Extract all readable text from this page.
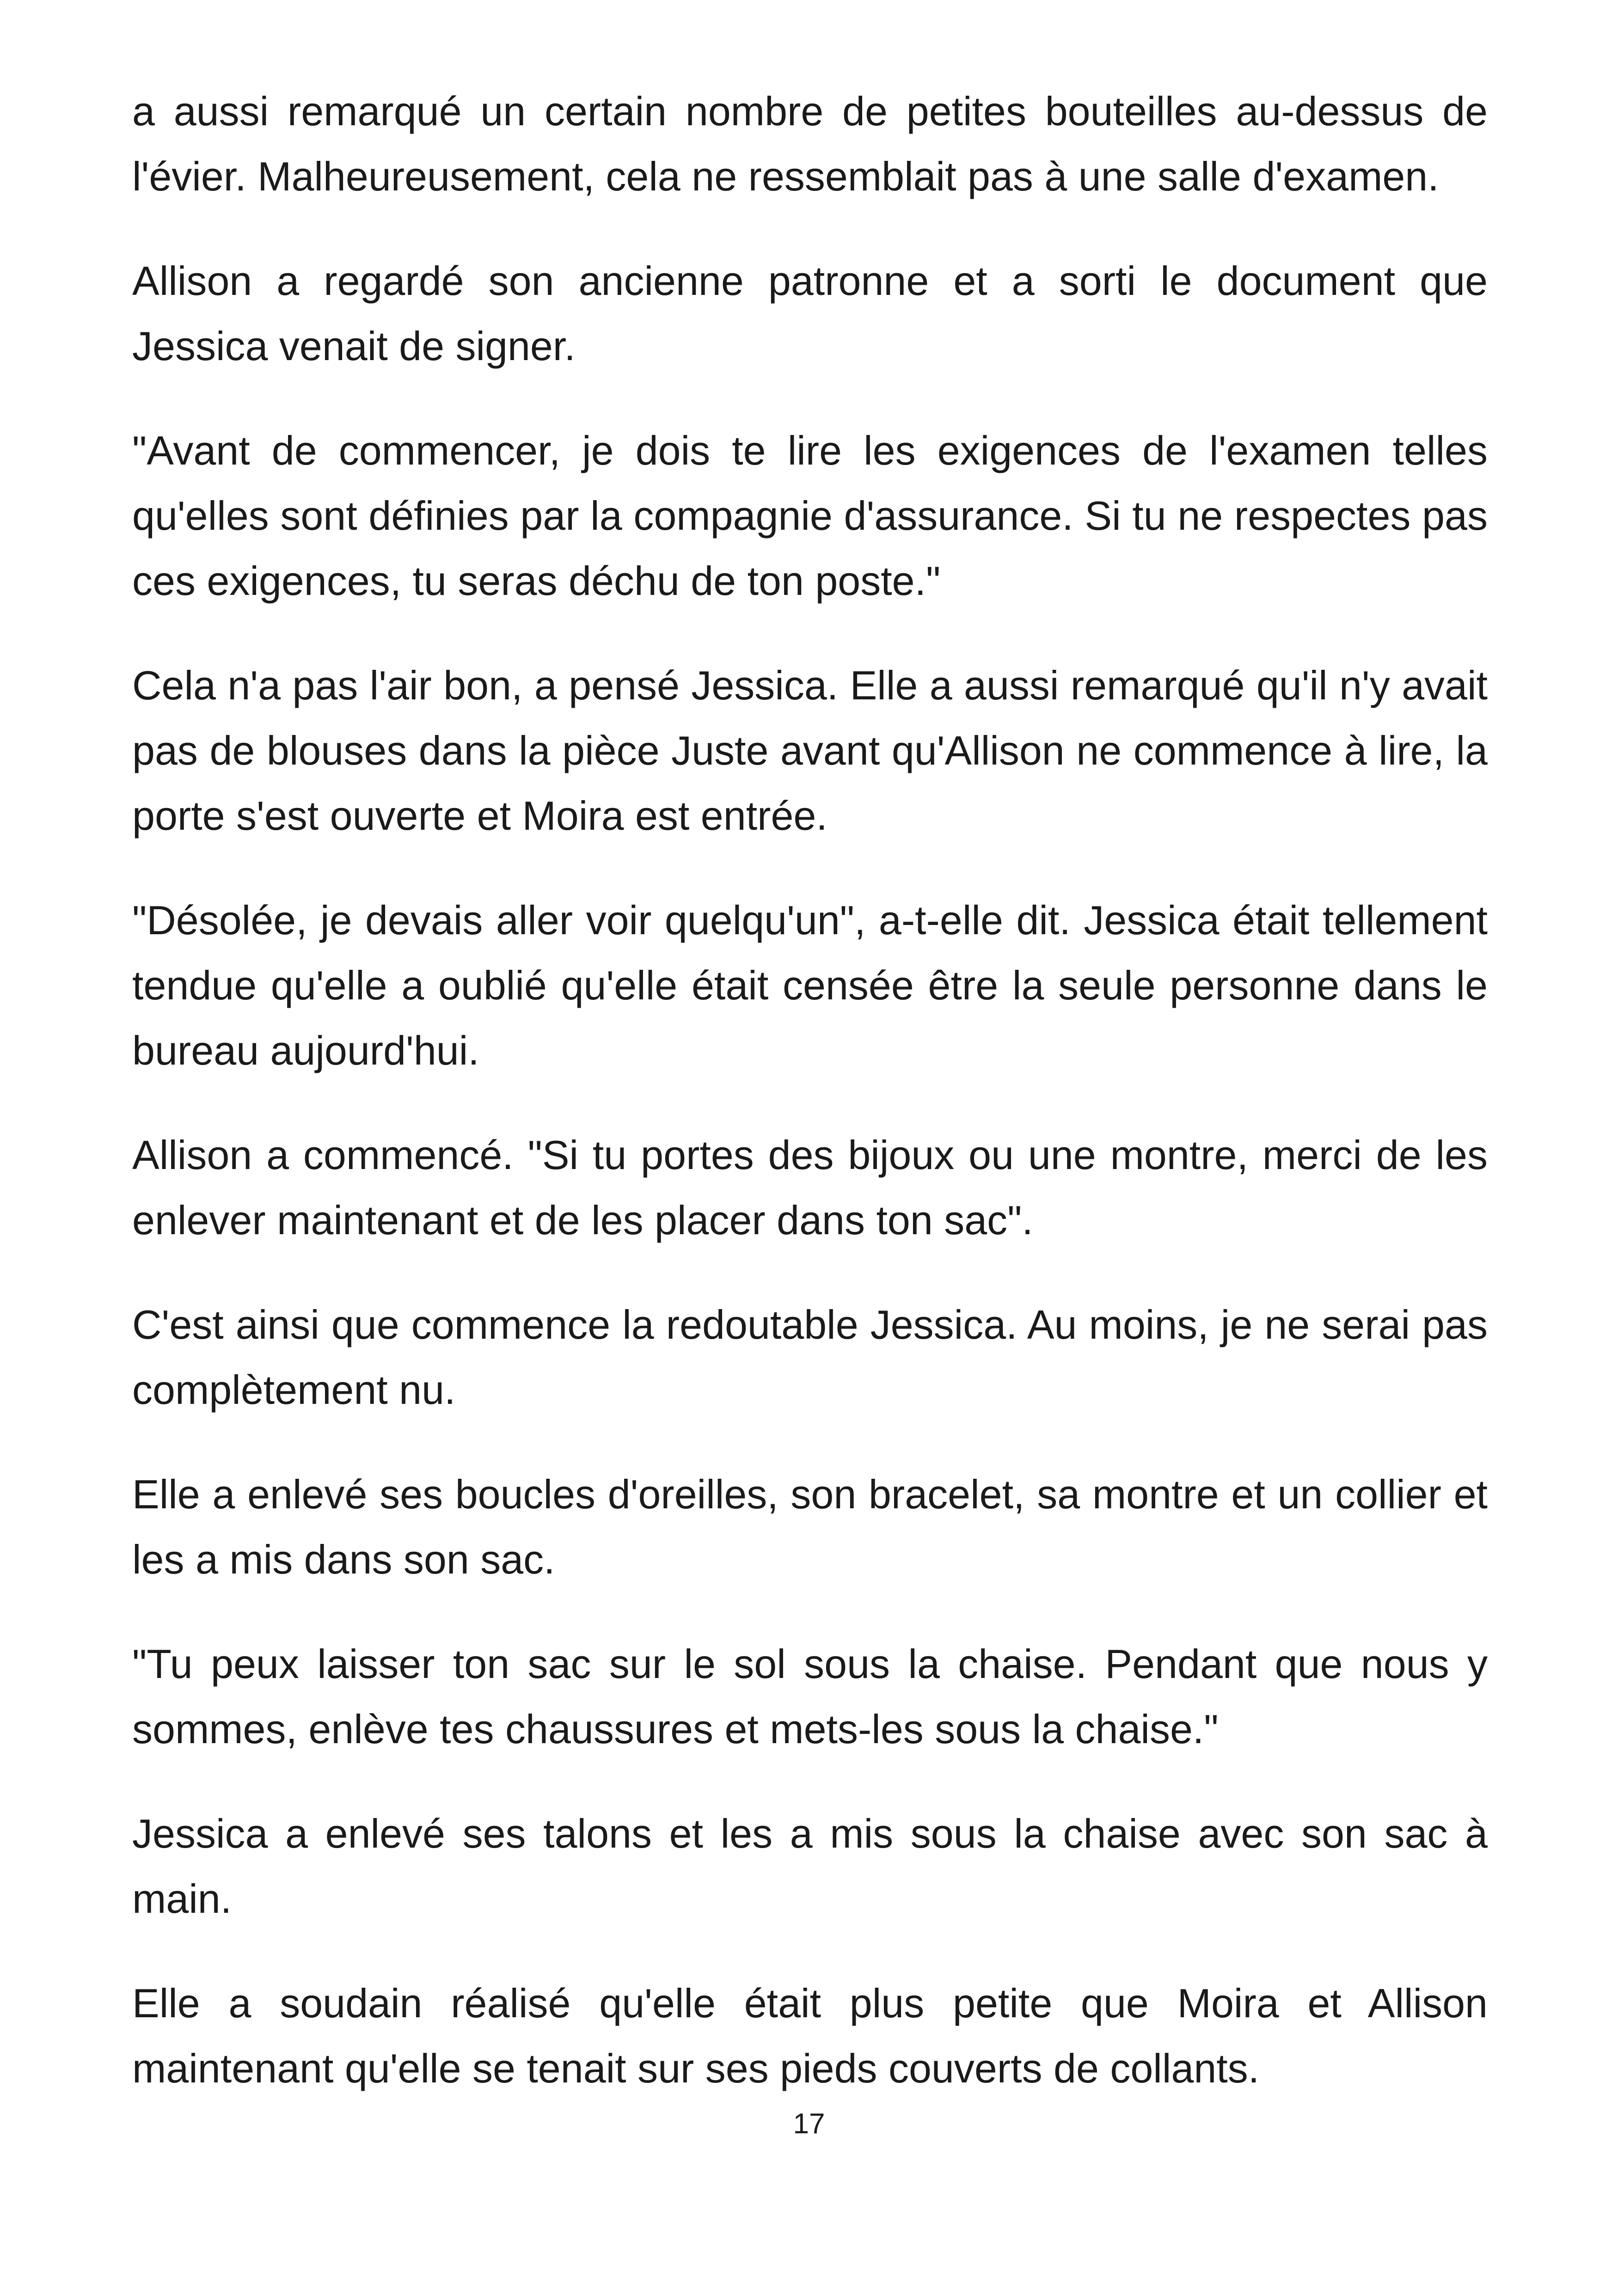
a aussi remarqué un certain nombre de petites bouteilles au-dessus de l'évier. Malheureusement, cela ne ressemblait pas à une salle d'examen.

Allison a regardé son ancienne patronne et a sorti le document que Jessica venait de signer.

"Avant de commencer, je dois te lire les exigences de l'examen telles qu'elles sont définies par la compagnie d'assurance. Si tu ne respectes pas ces exigences, tu seras déchu de ton poste."

Cela n'a pas l'air bon, a pensé Jessica. Elle a aussi remarqué qu'il n'y avait pas de blouses dans la pièce Juste avant qu'Allison ne commence à lire, la porte s'est ouverte et Moira est entrée.

"Désolée, je devais aller voir quelqu'un", a-t-elle dit. Jessica était tellement tendue qu'elle a oublié qu'elle était censée être la seule personne dans le bureau aujourd'hui.

Allison a commencé. "Si tu portes des bijoux ou une montre, merci de les enlever maintenant et de les placer dans ton sac".

C'est ainsi que commence la redoutable Jessica. Au moins, je ne serai pas complètement nu.

Elle a enlevé ses boucles d'oreilles, son bracelet, sa montre et un collier et les a mis dans son sac.

"Tu peux laisser ton sac sur le sol sous la chaise. Pendant que nous y sommes, enlève tes chaussures et mets-les sous la chaise."

Jessica a enlevé ses talons et les a mis sous la chaise avec son sac à main.

Elle a soudain réalisé qu'elle était plus petite que Moira et Allison maintenant qu'elle se tenait sur ses pieds couverts de collants.

17
